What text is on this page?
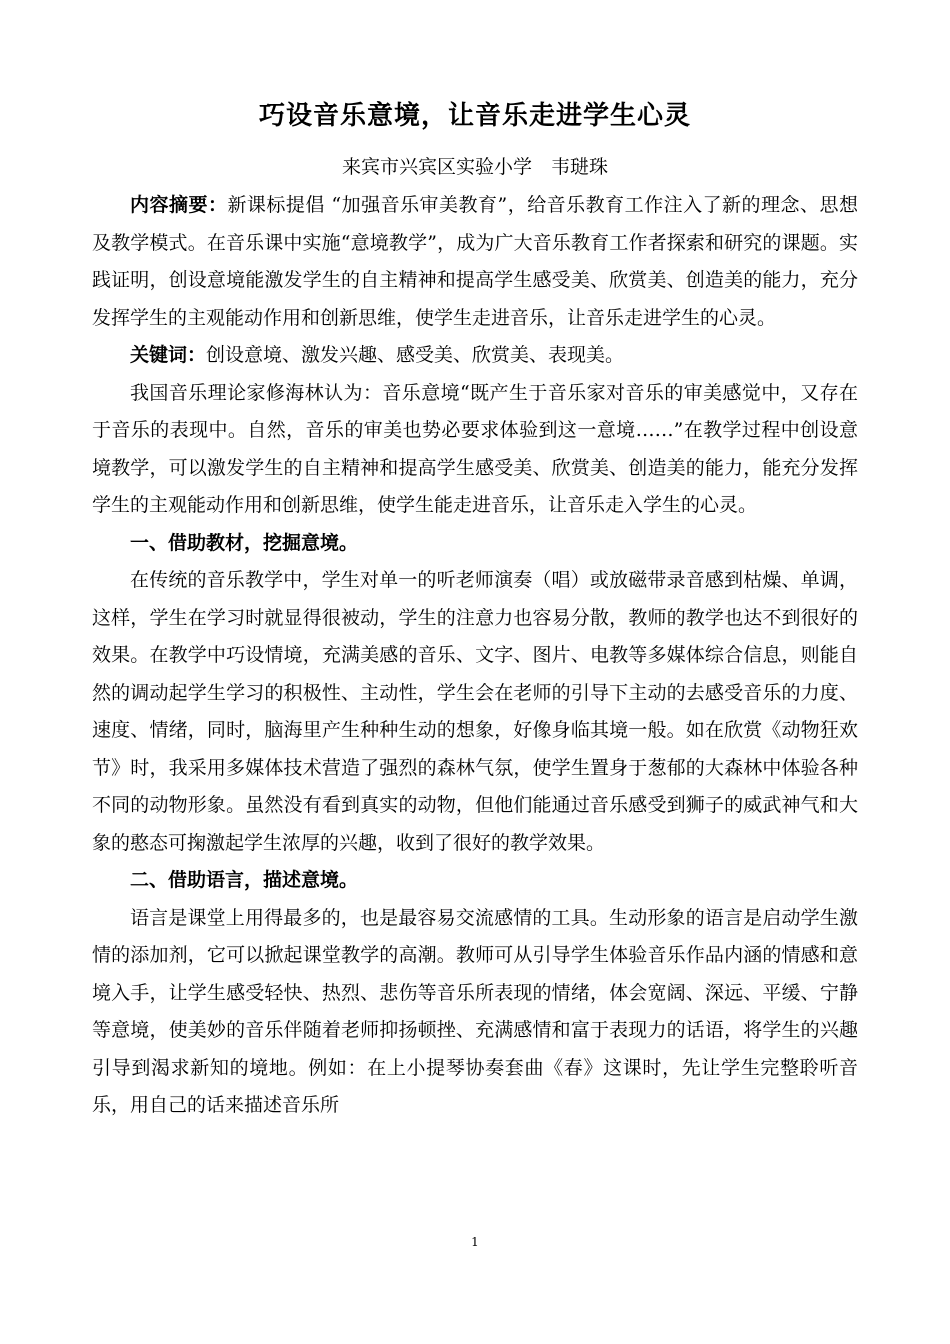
巧设音乐意境，让音乐走进学生心灵
来宾市兴宾区实验小学　韦琎珠

内容摘要：新课标提倡 “加强音乐审美教育”，给音乐教育工作注入了新的理念、思想及教学模式。在音乐课中实施“意境教学”，成为广大音乐教育工作者探索和研究的课题。实践证明，创设意境能激发学生的自主精神和提高学生感受美、欣赏美、创造美的能力，充分发挥学生的主观能动作用和创新思维，使学生走进音乐，让音乐走进学生的心灵。

关键词：创设意境、激发兴趣、感受美、欣赏美、表现美。

我国音乐理论家修海林认为：音乐意境“既产生于音乐家对音乐的审美感觉中，又存在于音乐的表现中。自然，音乐的审美也势必要求体验到这一意境……”在教学过程中创设意境教学，可以激发学生的自主精神和提高学生感受美、欣赏美、创造美的能力，能充分发挥学生的主观能动作用和创新思维，使学生能走进音乐，让音乐走入学生的心灵。

一、借助教材，挖掘意境。

在传统的音乐教学中，学生对单一的听老师演奏（唱）或放磁带录音感到枯燥、单调，这样，学生在学习时就显得很被动，学生的注意力也容易分散，教师的教学也达不到很好的效果。在教学中巧设情境，充满美感的音乐、文字、图片、电教等多媒体综合信息，则能自然的调动起学生学习的积极性、主动性，学生会在老师的引导下主动的去感受音乐的力度、速度、情绪，同时，脑海里产生种种生动的想象，好像身临其境一般。如在欣赏《动物狂欢节》时，我采用多媒体技术营造了强烈的森林气氛，使学生置身于葱郁的大森林中体验各种不同的动物形象。虽然没有看到真实的动物，但他们能通过音乐感受到狮子的威武神气和大象的憨态可掬激起学生浓厚的兴趣，收到了很好的教学效果。

二、借助语言，描述意境。

语言是课堂上用得最多的，也是最容易交流感情的工具。生动形象的语言是启动学生激情的添加剂，它可以掀起课堂教学的高潮。教师可从引导学生体验音乐作品内涵的情感和意境入手，让学生感受轻快、热烈、悲伤等音乐所表现的情绪，体会宽阔、深远、平缓、宁静等意境，使美妙的音乐伴随着老师抑扬顿挫、充满感情和富于表现力的话语，将学生的兴趣引导到渴求新知的境地。例如：在上小提琴协奏套曲《春》这课时，先让学生完整聆听音乐，用自己的话来描述音乐所

1
